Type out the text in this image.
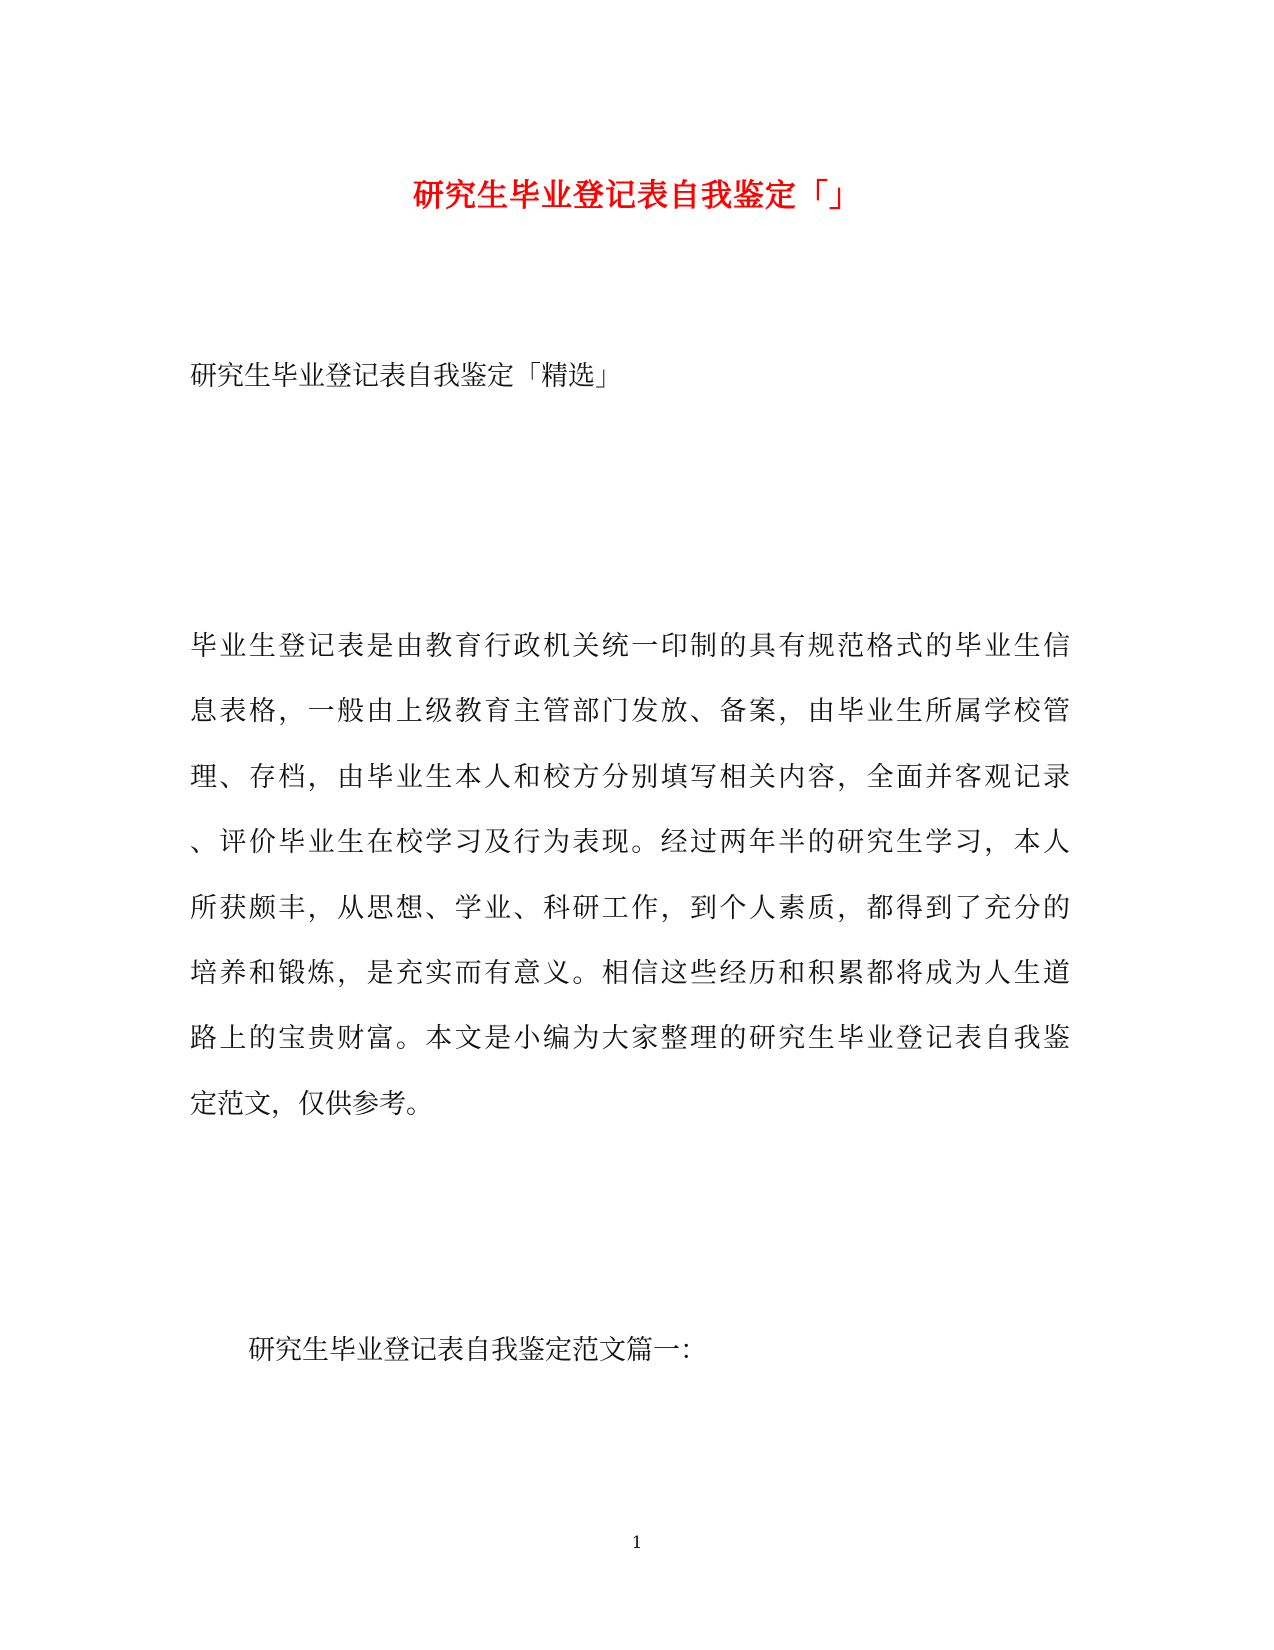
研究生毕业登记表自我鉴定「」

研究生毕业登记表自我鉴定「精选」

毕业生登记表是由教育行政机关统一印制的具有规范格式的毕业生信
息表格，一般由上级教育主管部门发放、备案，由毕业生所属学校管
理、存档，由毕业生本人和校方分别填写相关内容，全面并客观记录
、评价毕业生在校学习及行为表现。经过两年半的研究生学习，本人
所获颇丰，从思想、学业、科研工作，到个人素质，都得到了充分的
培养和锻炼，是充实而有意义。相信这些经历和积累都将成为人生道
路上的宝贵财富。本文是小编为大家整理的研究生毕业登记表自我鉴
定范文，仅供参考。

研究生毕业登记表自我鉴定范文篇一：

1
